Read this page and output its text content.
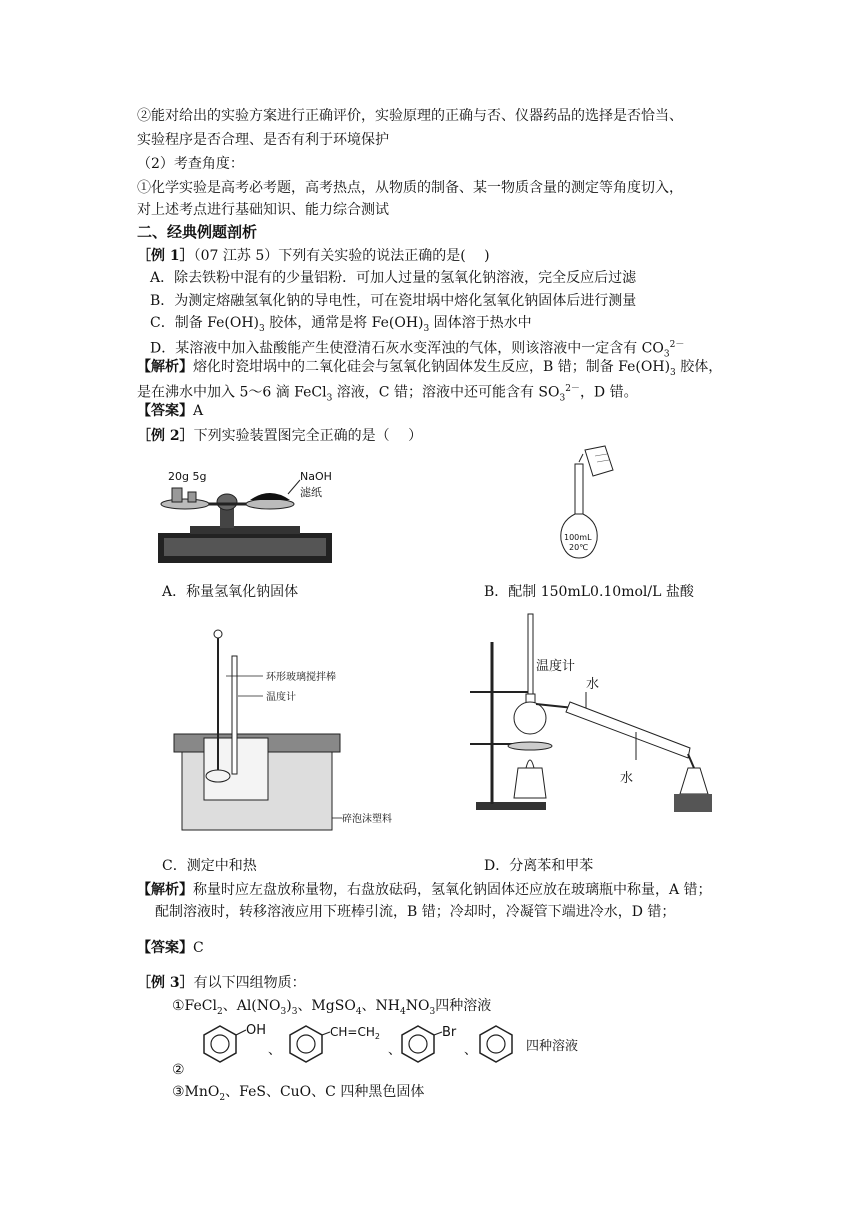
②能对给出的实验方案进行正确评价，实验原理的正确与否、仪器药品的选择是否恰当、
实验程序是否合理、是否有利于环境保护
（2）考查角度：
①化学实验是高考必考题，高考热点，从物质的制备、某一物质含量的测定等角度切入，
对上述考点进行基础知识、能力综合测试
二、经典例题剖析
［例 1］（07 江苏 5）下列有关实验的说法正确的是(　 )
A．除去铁粉中混有的少量铝粉．可加人过量的氢氧化钠溶液，完全反应后过滤
B．为测定熔融氢氧化钠的导电性，可在瓷坩埚中熔化氢氧化钠固体后进行测量
C．制备 $Fe(OH)_3$ 胶体，通常是将 $Fe(OH)_3$ 固体溶于热水中
D．某溶液中加入盐酸能产生使澄清石灰水变浑浊的气体，则该溶液中一定含有 $CO_3^{2-}$
【解析】熔化时瓷坩埚中的二氧化硅会与氢氧化钠固体发生反应，B 错；制备 $Fe(OH)_3$ 胶体，
是在沸水中加入 5～6 滴 FeCl$_3$ 溶液，C 错；溶液中还可能含有 $SO_3^{2-}$，D 错。
【答案】A
［例 2］下列实验装置图完全正确的是（　 ）
20g 5g	NaOH
滤纸
A．称量氢氧化钠固体
100mL
20℃
B．配制 150mL0.10mol/L 盐酸
环形玻璃搅拌棒
温度计
碎泡沫塑料
C．测定中和热
温度计
水
水
D．分离苯和甲苯
【解析】称量时应左盘放称量物，右盘放砝码，氢氧化钠固体还应放在玻璃瓶中称量，A 错；
配制溶液时，转移溶液应用下班棒引流，B 错；冷却时，冷凝管下端进冷水，D 错；
【答案】C
［例 3］有以下四组物质：
①FeCl$_2$、$Al(NO_3)_3$、MgSO$_4$、$NH_4NO_3$四种溶液
OH
、
$CH=CH_2$
、
Br
、	四种溶液
②
③MnO$_2$、FeS、CuO、C 四种黑色固体
